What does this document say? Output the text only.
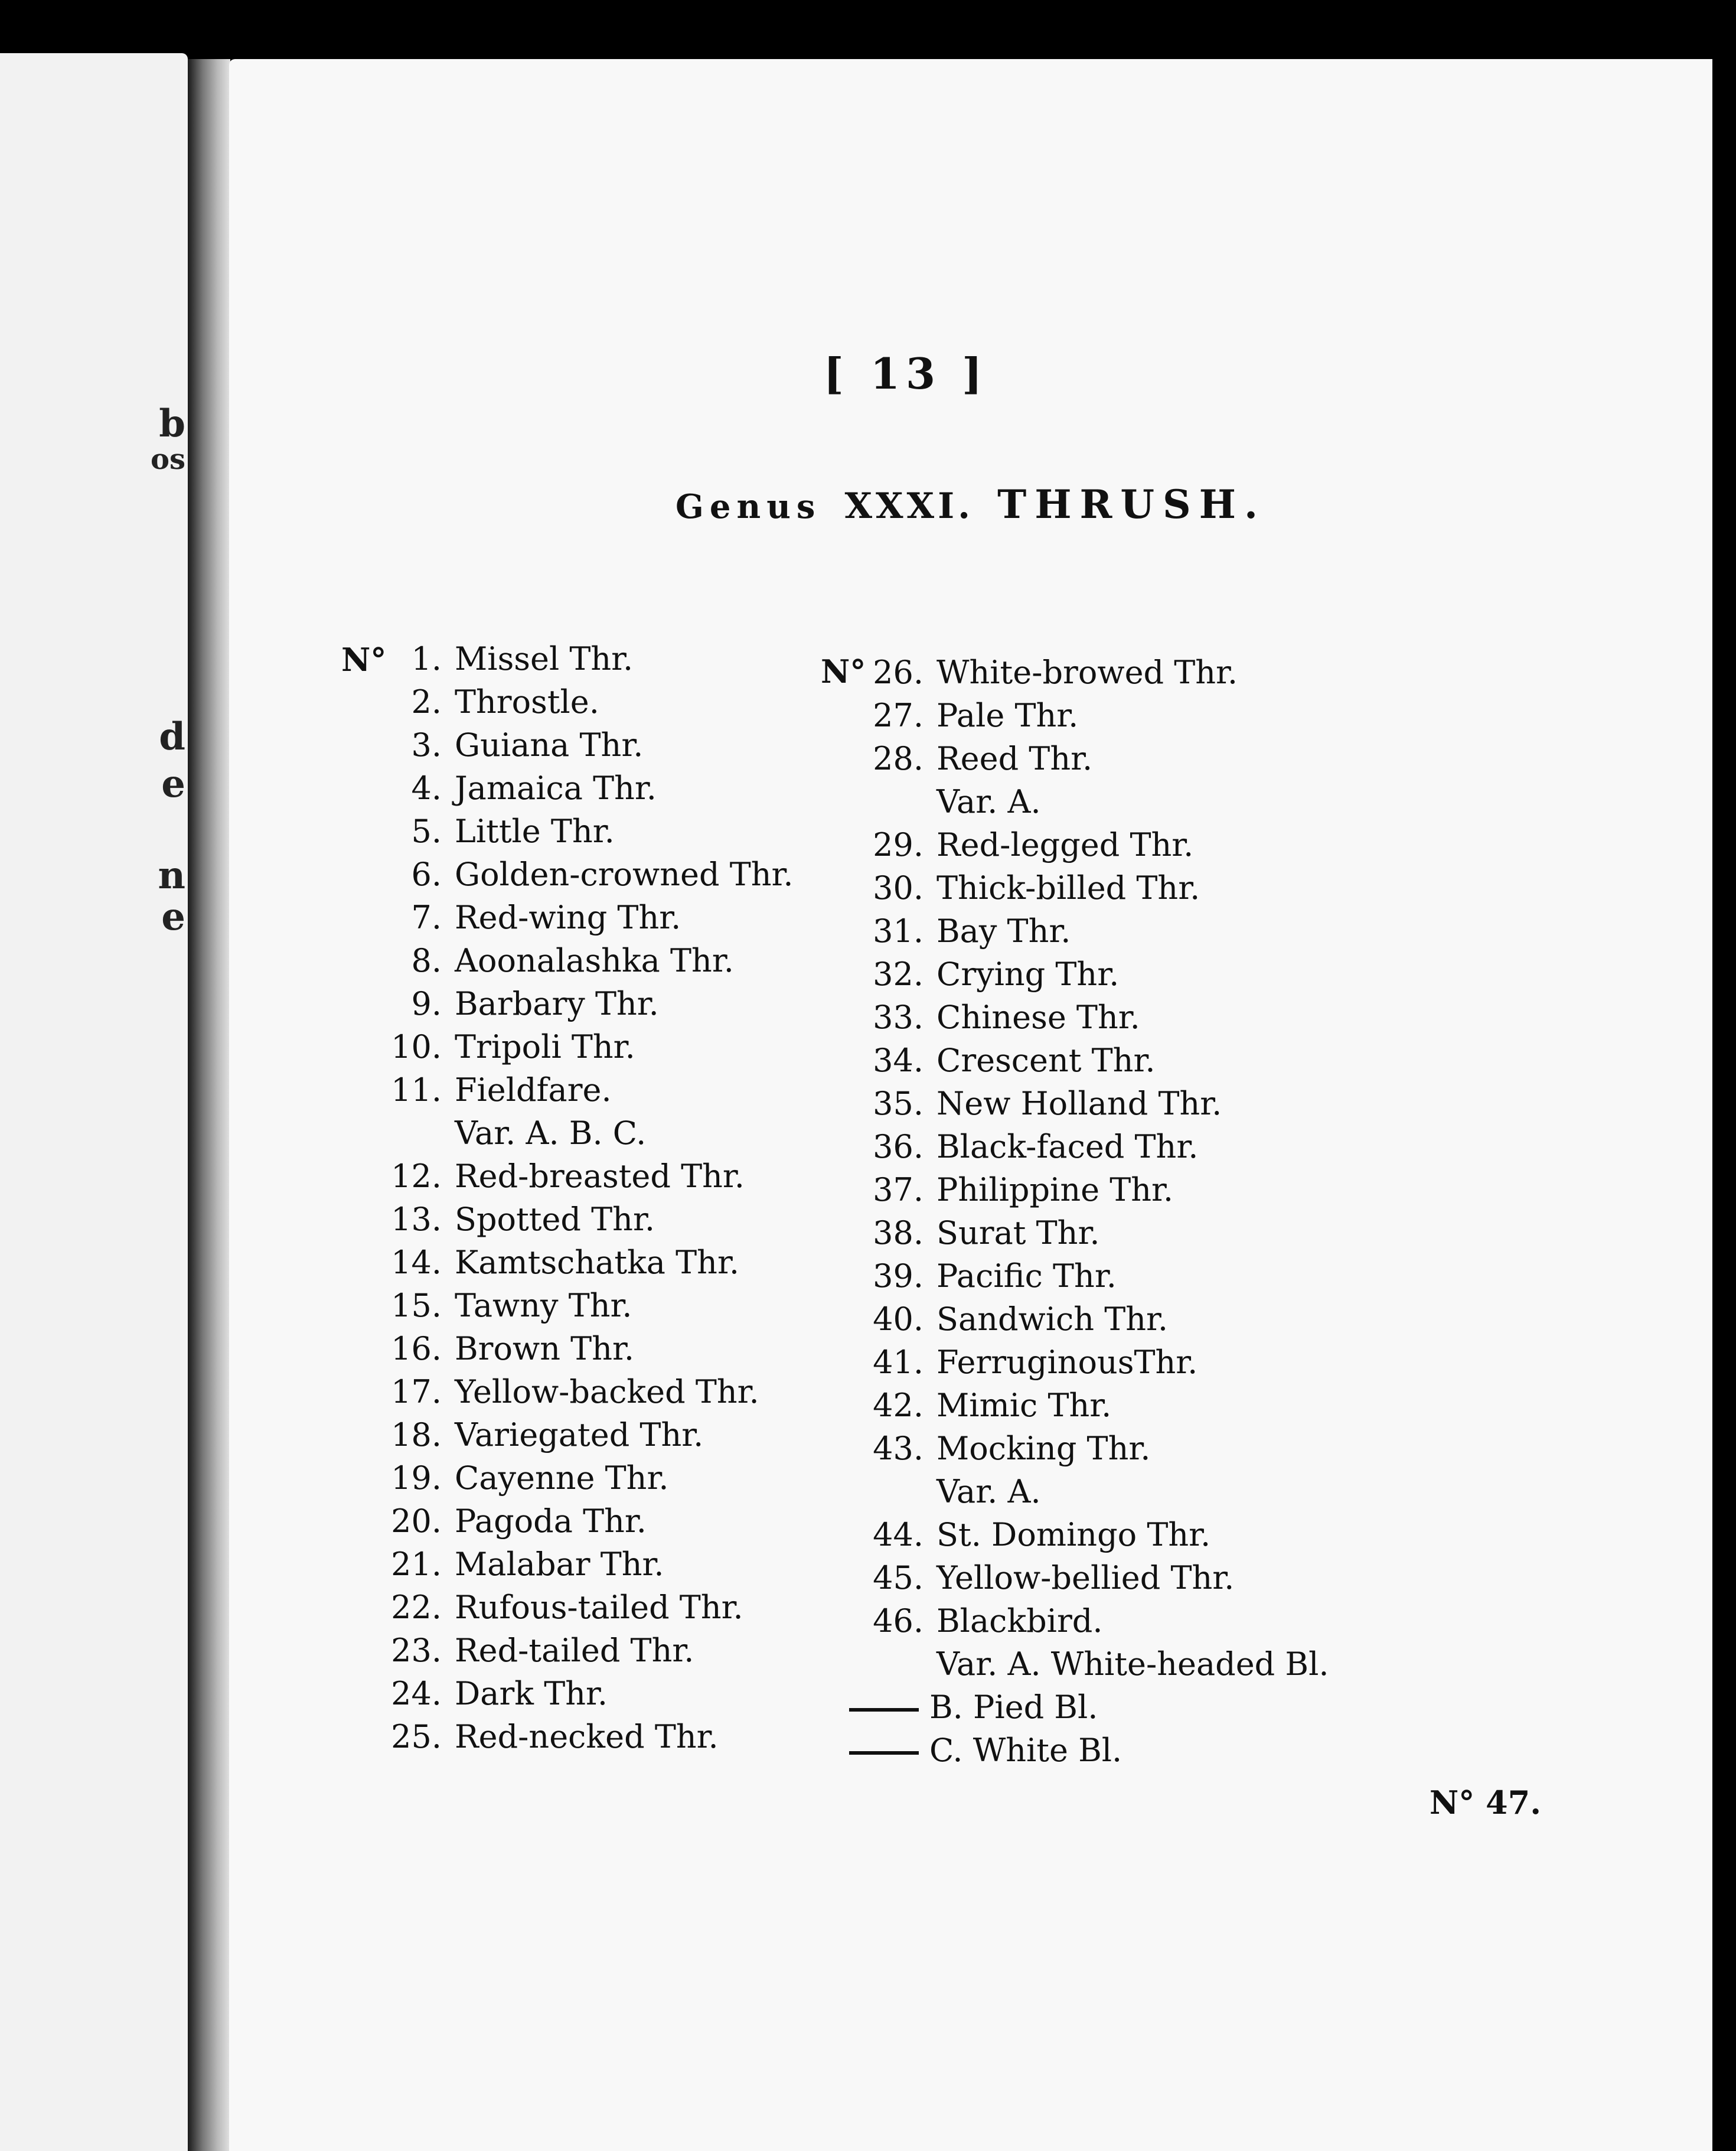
b
os
d
e
n
e
[ 13 ]
Genus XXXI. THRUSH.
N°	N°
1. Missel Thr.
2. Throstle.
3. Guiana Thr.
4. Jamaica Thr.
5. Little Thr.
6. Golden-crowned Thr.
7. Red-wing Thr.
8. Aoonalashka Thr.
9. Barbary Thr.
10. Tripoli Thr.
11. Fieldfare.
Var. A. B. C.
12. Red-breasted Thr.
13. Spotted Thr.
14. Kamtschatka Thr.
15. Tawny Thr.
16. Brown Thr.
17. Yellow-backed Thr.
18. Variegated Thr.
19. Cayenne Thr.
20. Pagoda Thr.
21. Malabar Thr.
22. Rufous-tailed Thr.
23. Red-tailed Thr.
24. Dark Thr.
25. Red-necked Thr.
26. White-browed Thr.
27. Pale Thr.
28. Reed Thr.
Var. A.
29. Red-legged Thr.
30. Thick-billed Thr.
31. Bay Thr.
32. Crying Thr.
33. Chinese Thr.
34. Crescent Thr.
35. New Holland Thr.
36. Black-faced Thr.
37. Philippine Thr.
38. Surat Thr.
39. Pacific Thr.
40. Sandwich Thr.
41. FerruginousThr.
42. Mimic Thr.
43. Mocking Thr.
Var. A.
44. St. Domingo Thr.
45. Yellow-bellied Thr.
46. Blackbird.
Var. A. White-headed Bl.
B. Pied Bl.
C. White Bl.
N° 47.
